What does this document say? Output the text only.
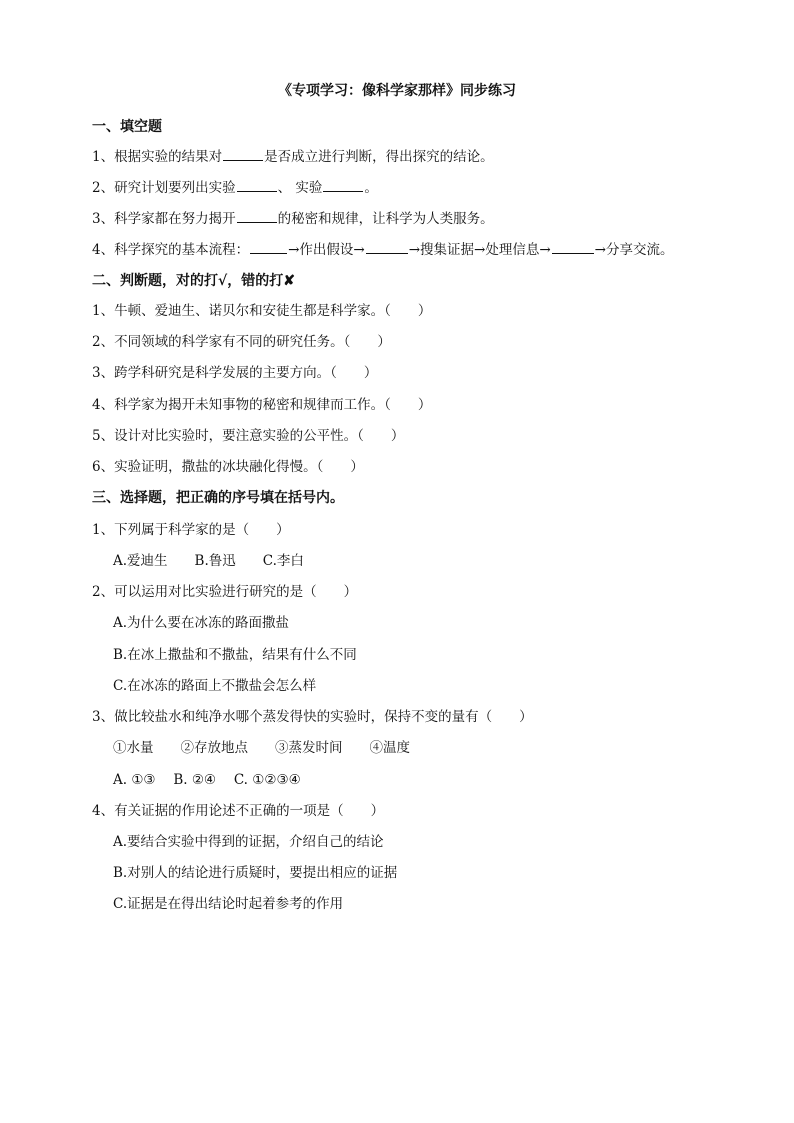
《专项学习：像科学家那样》同步练习
一、填空题
1、根据实验的结果对	是否成立进行判断，得出探究的结论。
2、研究计划要列出实验	、 实验	。
3、科学家都在努力揭开	的秘密和规律，让科学为人类服务。
4、科学探究的基本流程：	→作出假设→	→搜集证据→处理信息→	→分享交流。
二、判断题，对的打√，错的打✘
1、牛顿、爱迪生、诺贝尔和安徒生都是科学家。（　　）
2、不同领域的科学家有不同的研究任务。（　　）
3、跨学科研究是科学发展的主要方向。（　　）
4、科学家为揭开未知事物的秘密和规律而工作。（　　）
5、设计对比实验时，要注意实验的公平性。（　　）
6、实验证明，撒盐的冰块融化得慢。（　　）
三、选择题，把正确的序号填在括号内。
1、下列属于科学家的是（　　）
A.爱迪生　　B.鲁迅　　C.李白
2、可以运用对比实验进行研究的是（　　）
A.为什么要在冰冻的路面撒盐
B.在冰上撒盐和不撒盐，结果有什么不同
C.在冰冻的路面上不撒盐会怎么样
3、做比较盐水和纯净水哪个蒸发得快的实验时，保持不变的量有（　　）
①水量　　②存放地点　　③蒸发时间　　④温度
A. ①③　 B. ②④　 C. ①②③④
4、有关证据的作用论述不正确的一项是（　　）
A.要结合实验中得到的证据，介绍自己的结论
B.对别人的结论进行质疑时，要提出相应的证据
C.证据是在得出结论时起着参考的作用
